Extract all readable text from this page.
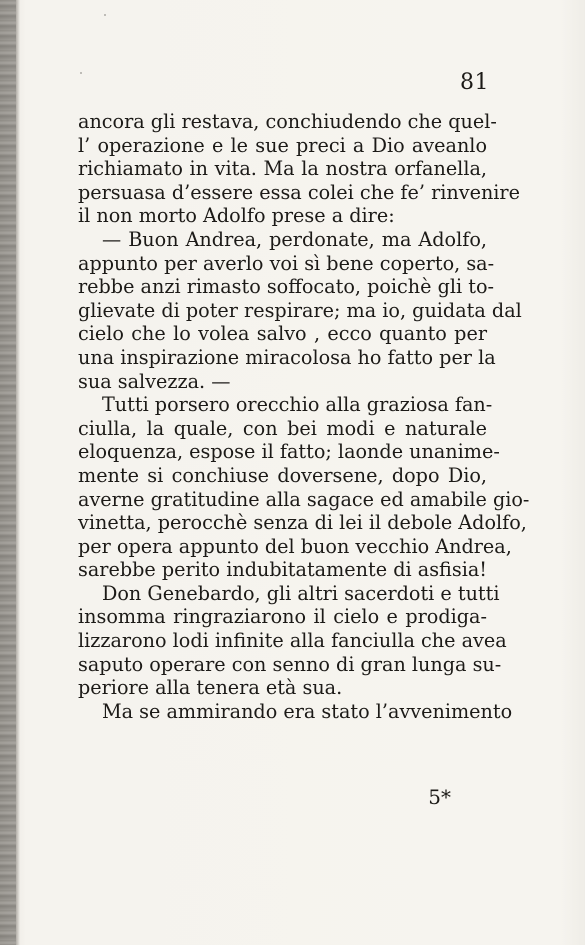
81
ancora gli restava, conchiudendo che quel-
l’ operazione e le sue preci a Dio aveanlo
richiamato in vita. Ma la nostra orfanella,
persuasa d’essere essa colei che fe’ rinvenire
il non morto Adolfo prese a dire:
— Buon Andrea, perdonate, ma Adolfo,
appunto per averlo voi sì bene coperto, sa-
rebbe anzi rimasto soffocato, poichè gli to-
glievate di poter respirare; ma io, guidata dal
cielo che lo volea salvo , ecco quanto per
una inspirazione miracolosa ho fatto per la
sua salvezza. —
Tutti porsero orecchio alla graziosa fan-
ciulla, la quale, con bei modi e naturale
eloquenza, espose il fatto; laonde unanime-
mente si conchiuse doversene, dopo Dio,
averne gratitudine alla sagace ed amabile gio-
vinetta, perocchè senza di lei il debole Adolfo,
per opera appunto del buon vecchio Andrea,
sarebbe perito indubitatamente di asfisia!
Don Genebardo, gli altri sacerdoti e tutti
insomma ringraziarono il cielo e prodiga-
lizzarono lodi infinite alla fanciulla che avea
saputo operare con senno di gran lunga su-
periore alla tenera età sua.
Ma se ammirando era stato l’avvenimento
5*
